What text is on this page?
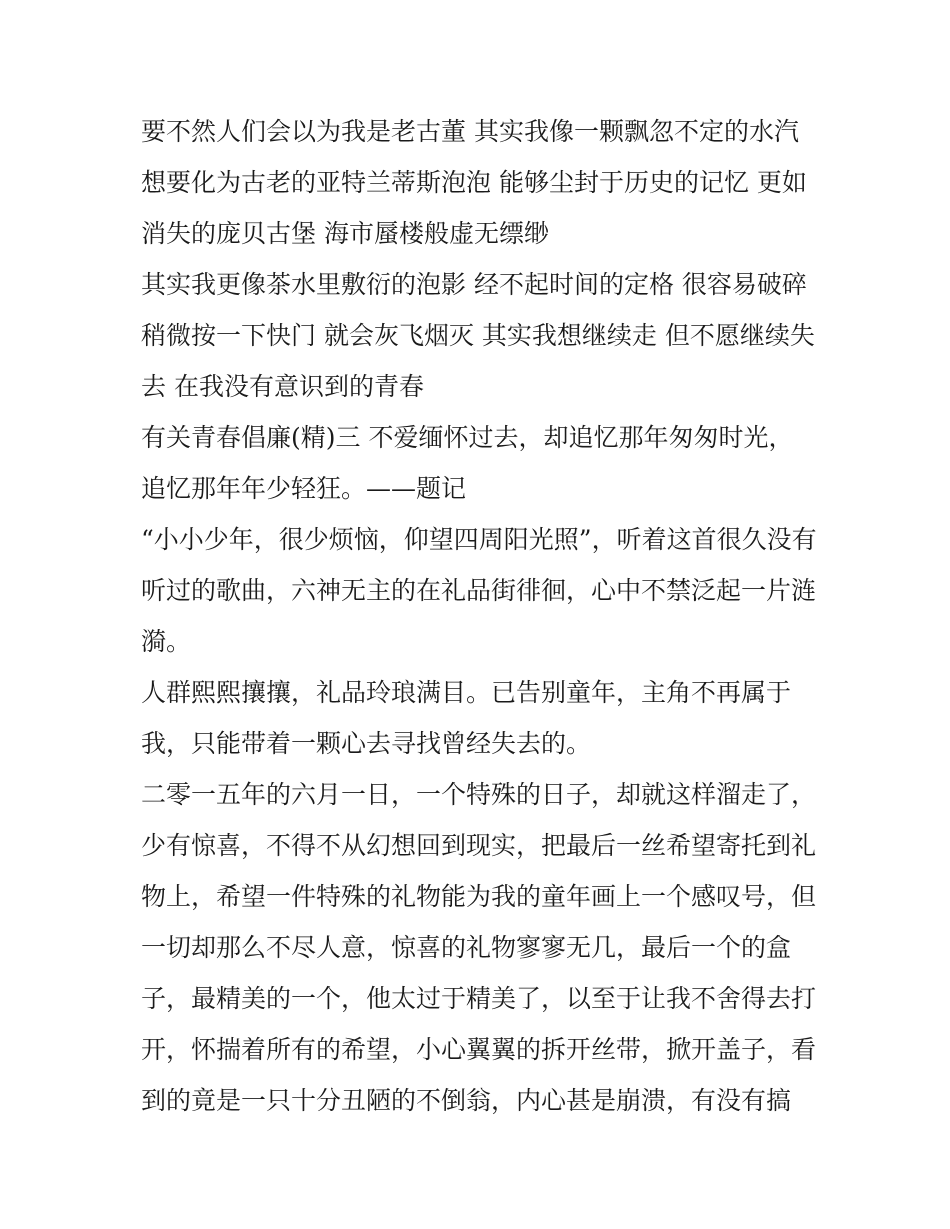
要不然人们会以为我是老古董 其实我像一颗飘忽不定的水汽
想要化为古老的亚特兰蒂斯泡泡 能够尘封于历史的记忆 更如
消失的庞贝古堡 海市蜃楼般虚无缥缈
其实我更像茶水里敷衍的泡影 经不起时间的定格 很容易破碎
稍微按一下快门 就会灰飞烟灭 其实我想继续走 但不愿继续失
去 在我没有意识到的青春
有关青春倡廉(精)三 不爱缅怀过去，却追忆那年匆匆时光，
追忆那年年少轻狂。——题记
“小小少年，很少烦恼，仰望四周阳光照”，听着这首很久没有
听过的歌曲，六神无主的在礼品街徘徊，心中不禁泛起一片涟
漪。
人群熙熙攘攘，礼品玲琅满目。已告别童年，主角不再属于
我，只能带着一颗心去寻找曾经失去的。
二零一五年的六月一日，一个特殊的日子，却就这样溜走了，
少有惊喜，不得不从幻想回到现实，把最后一丝希望寄托到礼
物上，希望一件特殊的礼物能为我的童年画上一个感叹号，但
一切却那么不尽人意，惊喜的礼物寥寥无几，最后一个的盒
子，最精美的一个，他太过于精美了，以至于让我不舍得去打
开，怀揣着所有的希望，小心翼翼的拆开丝带，掀开盖子，看
到的竟是一只十分丑陋的不倒翁，内心甚是崩溃，有没有搞
